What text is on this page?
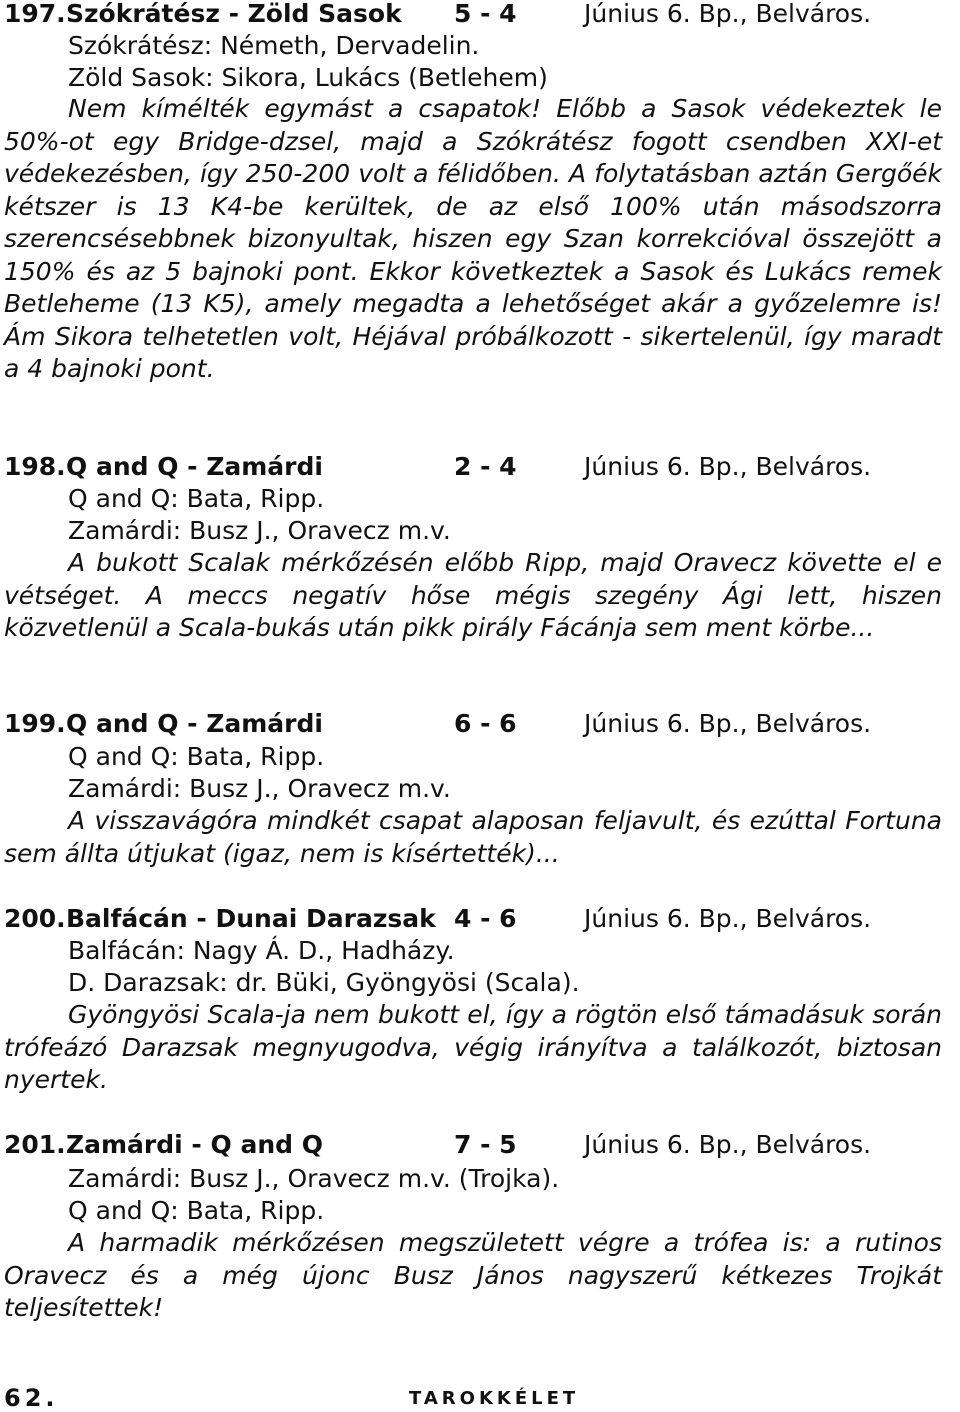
197. Szókrátész - Zöld Sasok 5 - 4	Június 6. Bp., Belváros.
Szókrátész: Németh, Dervadelin.
Zöld Sasok: Sikora, Lukács (Betlehem)
Nem kímélték egymást a csapatok! Előbb a Sasok védekeztek le 50%-ot egy Bridge-dzsel, majd a Szókrátész fogott csendben XXI-et védekezésben, így 250-200 volt a félidőben. A folytatásban aztán Gergőék kétszer is 13 K4-be kerültek, de az első 100% után másodszorra szerencsésebbnek bizonyultak, hiszen egy Szan korrekcióval összejött a 150% és az 5 bajnoki pont. Ekkor következtek a Sasok és Lukács remek Betleheme (13 K5), amely megadta a lehetőséget akár a győzelemre is! Ám Sikora telhetetlen volt, Héjával próbálkozott - sikertelenül, így maradt a 4 bajnoki pont.
198. Q and Q - Zamárdi	2 - 4	Június 6. Bp., Belváros.
Q and Q: Bata, Ripp.
Zamárdi: Busz J., Oravecz m.v.
A bukott Scalak mérkőzésén előbb Ripp, majd Oravecz követte el e vétséget. A meccs negatív hőse mégis szegény Ági lett, hiszen közvetlenül a Scala-bukás után pikk pirály Fácánja sem ment körbe...
199. Q and Q - Zamárdi	6 - 6	Június 6. Bp., Belváros.
Q and Q: Bata, Ripp.
Zamárdi: Busz J., Oravecz m.v.
A visszavágóra mindkét csapat alaposan feljavult, és ezúttal Fortuna sem állta útjukat (igaz, nem is kísértették)...
200. Balfácán - Dunai Darazsak 4 - 6	Június 6. Bp., Belváros.
Balfácán: Nagy Á. D., Hadházy.
D. Darazsak: dr. Büki, Gyöngyösi (Scala).
Gyöngyösi Scala-ja nem bukott el, így a rögtön első támadásuk során trófeázó Darazsak megnyugodva, végig irányítva a találkozót, biztosan nyertek.
201. Zamárdi - Q and Q	7 - 5	Június 6. Bp., Belváros.
Zamárdi: Busz J., Oravecz m.v. (Trojka).
Q and Q: Bata, Ripp.
A harmadik mérkőzésen megszületett végre a trófea is: a rutinos Oravecz és a még újonc Busz János nagyszerű kétkezes Trojkát teljesítettek!
62.	TAROKKÉLET
